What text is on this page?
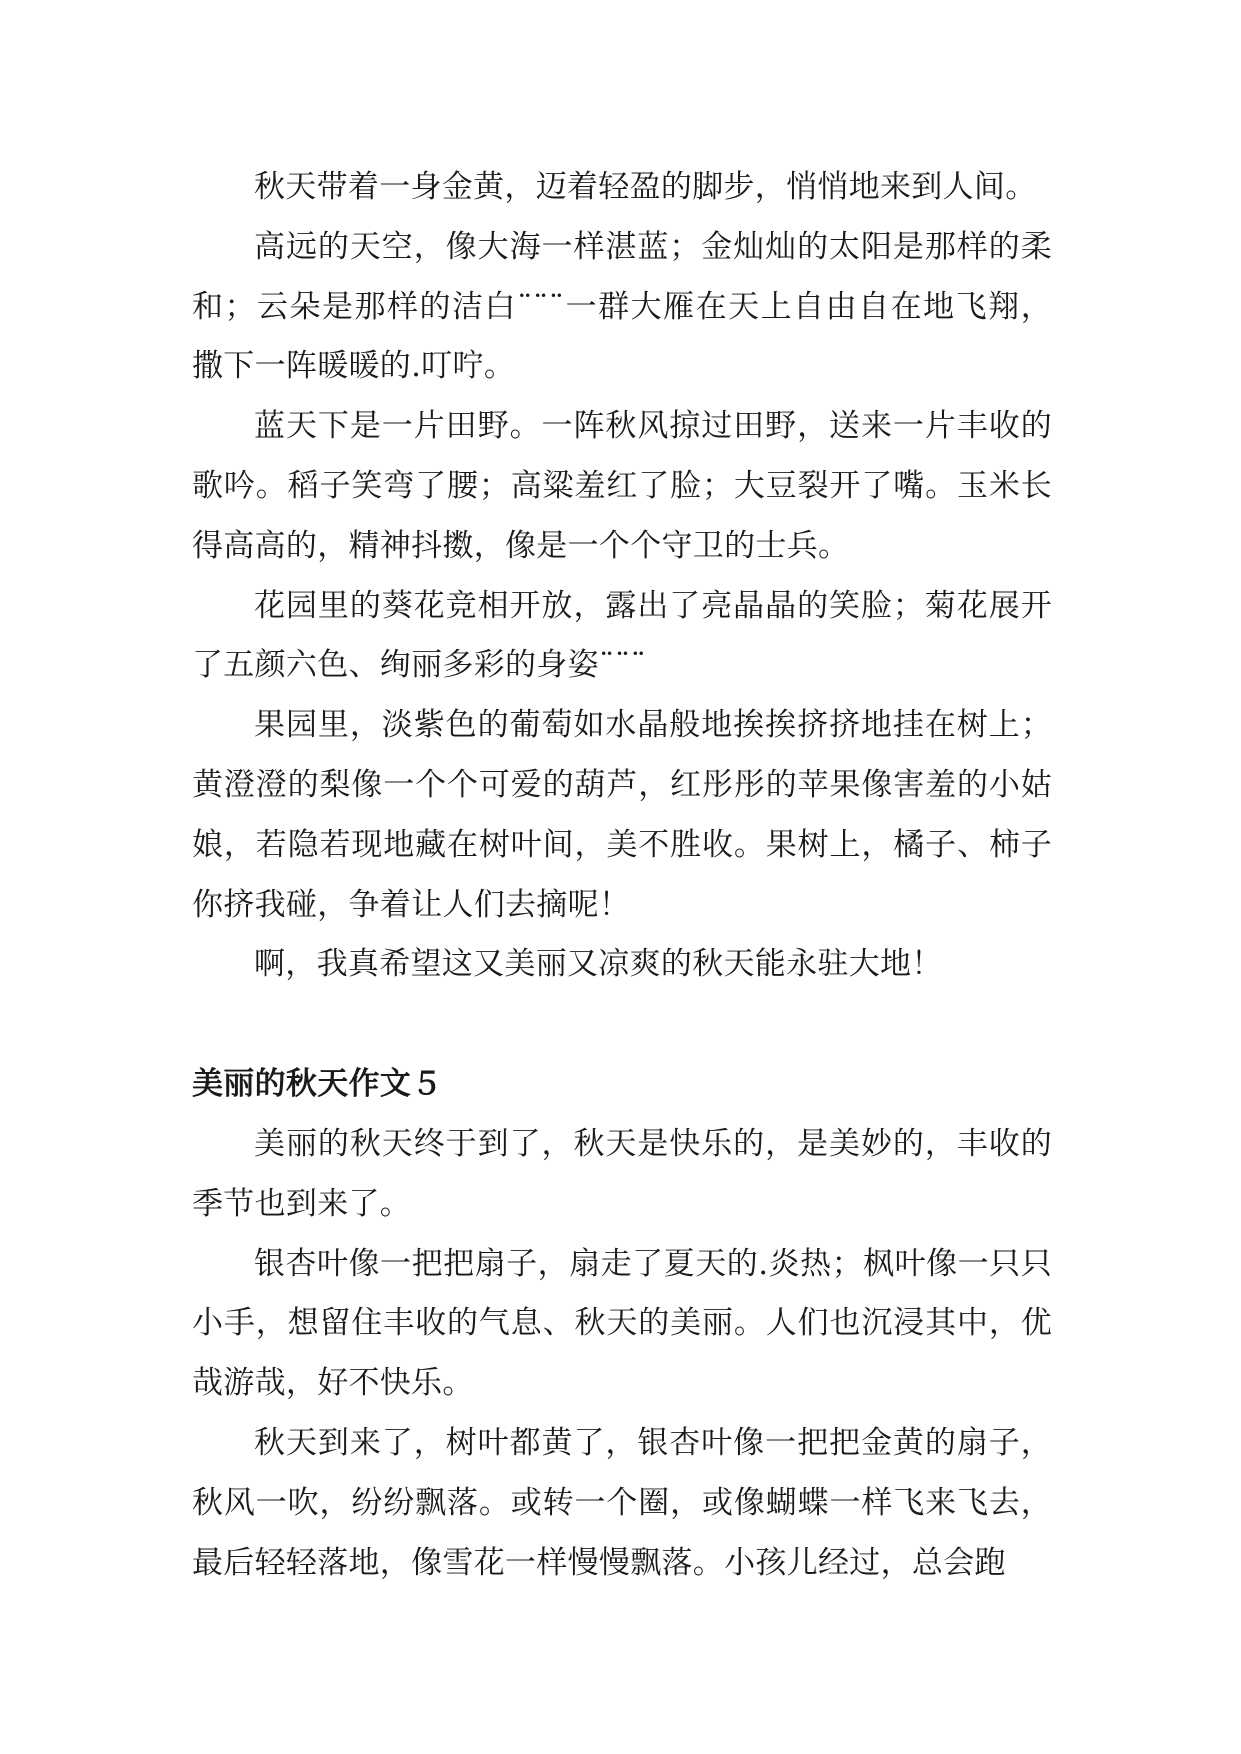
秋天带着一身金黄，迈着轻盈的脚步，悄悄地来到人间。

高远的天空，像大海一样湛蓝；金灿灿的太阳是那样的柔和；云朵是那样的洁白¨¨¨一群大雁在天上自由自在地飞翔，撒下一阵暖暖的.叮咛。

蓝天下是一片田野。一阵秋风掠过田野，送来一片丰收的歌吟。稻子笑弯了腰；高粱羞红了脸；大豆裂开了嘴。玉米长得高高的，精神抖擞，像是一个个守卫的士兵。

花园里的葵花竞相开放，露出了亮晶晶的笑脸；菊花展开了五颜六色、绚丽多彩的身姿¨¨¨

果园里，淡紫色的葡萄如水晶般地挨挨挤挤地挂在树上；黄澄澄的梨像一个个可爱的葫芦，红彤彤的苹果像害羞的小姑娘，若隐若现地藏在树叶间，美不胜收。果树上，橘子、柿子你挤我碰，争着让人们去摘呢！

啊，我真希望这又美丽又凉爽的秋天能永驻大地！

美丽的秋天作文５

美丽的秋天终于到了，秋天是快乐的，是美妙的，丰收的季节也到来了。

银杏叶像一把把扇子，扇走了夏天的.炎热；枫叶像一只只小手，想留住丰收的气息、秋天的美丽。人们也沉浸其中，优哉游哉，好不快乐。

秋天到来了，树叶都黄了，银杏叶像一把把金黄的扇子，秋风一吹，纷纷飘落。或转一个圈，或像蝴蝶一样飞来飞去，最后轻轻落地，像雪花一样慢慢飘落。小孩儿经过，总会跑
